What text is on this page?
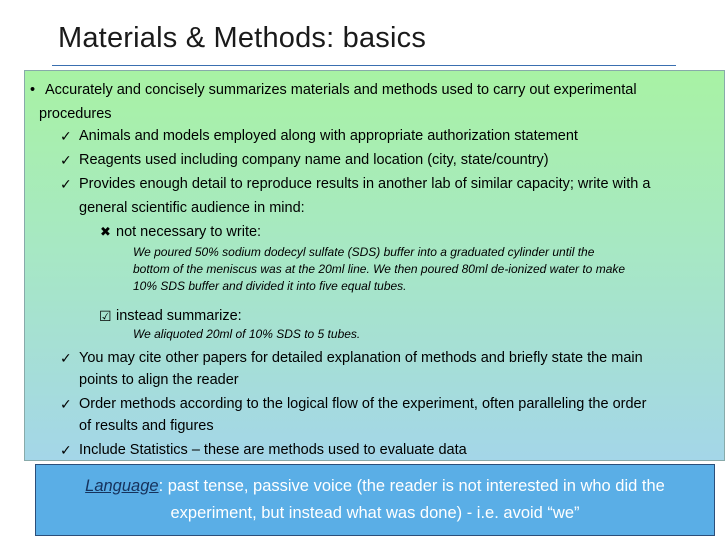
Materials & Methods: basics
• Accurately and concisely summarizes materials and methods used to carry out experimental
procedures
✓ Animals and models employed along with appropriate authorization statement
✓ Reagents used including company name and location (city, state/country)
✓ Provides enough detail to reproduce results in another lab of similar capacity; write with a
general scientific audience in mind:
✖ not necessary to write:
We poured 50% sodium dodecyl sulfate (SDS) buffer into a graduated cylinder until the
bottom of the meniscus was at the 20ml line. We then poured 80ml de-ionized water to make
10% SDS buffer and divided it into five equal tubes.
☑ instead summarize:
We aliquoted 20ml of 10% SDS to 5 tubes.
✓ You may cite other papers for detailed explanation of methods and briefly state the main
points to align the reader
✓ Order methods according to the logical flow of the experiment, often paralleling the order
of results and figures
✓ Include Statistics – these are methods used to evaluate data
Language: past tense, passive voice (the reader is not interested in who did the
experiment, but instead what was done) - i.e. avoid “we”
